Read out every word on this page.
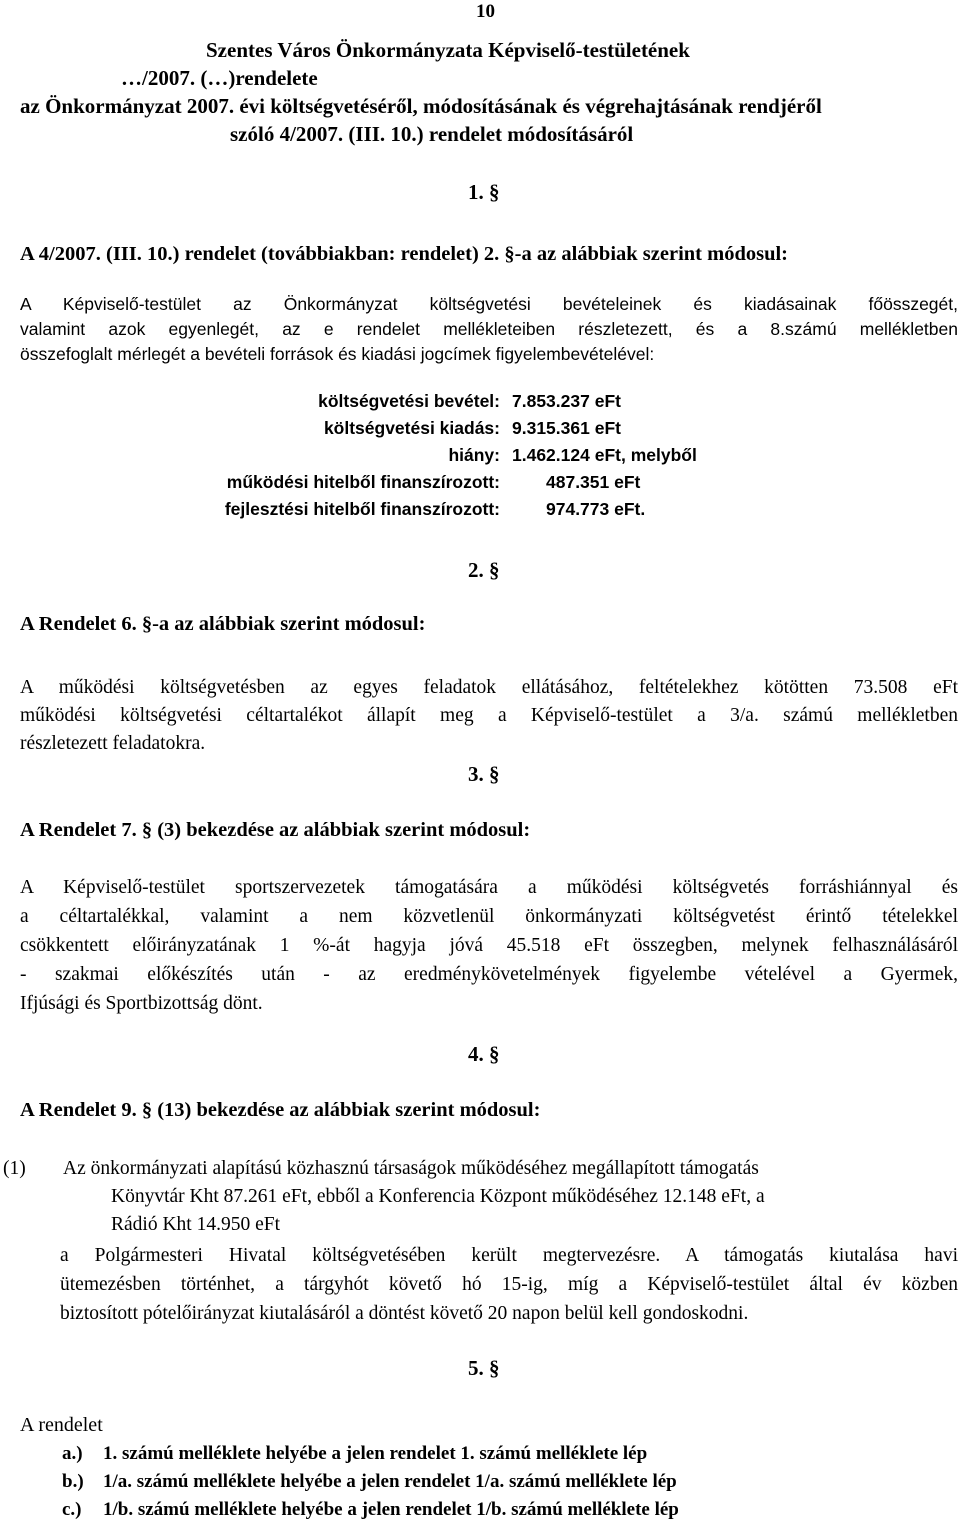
10
Szentes Város Önkormányzata Képviselő-testületének
…/2007. (…)rendelete
az Önkormányzat 2007. évi költségvetéséről, módosításának és végrehajtásának rendjéről
szóló 4/2007. (III. 10.) rendelet módosításáról
1. §
A 4/2007. (III. 10.) rendelet (továbbiakban: rendelet) 2. §-a az alábbiak szerint módosul:
A Képviselő-testület az Önkormányzat költségvetési bevételeinek és kiadásainak főösszegét,
valamint azok egyenlegét, az e rendelet mellékleteiben részletezett, és a 8.számú mellékletben
összefoglalt mérlegét a bevételi források és kiadási jogcímek figyelembevételével:
költségvetési bevétel: 7.853.237 eFt
költségvetési kiadás: 9.315.361 eFt
hiány: 1.462.124 eFt, melyből
működési hitelből finanszírozott:	487.351 eFt
fejlesztési hitelből finanszírozott:	974.773 eFt.
2. §
A Rendelet 6. §-a az alábbiak szerint módosul:
A működési költségvetésben az egyes feladatok ellátásához, feltételekhez kötötten 73.508 eFt
működési költségvetési céltartalékot állapít meg a Képviselő-testület a 3/a. számú mellékletben
részletezett feladatokra.
3. §
A Rendelet 7. § (3) bekezdése az alábbiak szerint módosul:
A Képviselő-testület sportszervezetek támogatására a működési költségvetés forráshiánnyal és
a céltartalékkal, valamint a nem közvetlenül önkormányzati költségvetést érintő tételekkel
csökkentett előirányzatának 1 %-át hagyja jóvá 45.518 eFt összegben, melynek felhasználásáról
- szakmai előkészítés után - az eredménykövetelmények figyelembe vételével a Gyermek,
Ifjúsági és Sportbizottság dönt.
4. §
A Rendelet 9. § (13) bekezdése az alábbiak szerint módosul:
(1) Az önkormányzati alapítású közhasznú társaságok működéséhez megállapított támogatás
Könyvtár Kht 87.261 eFt, ebből a Konferencia Központ működéséhez 12.148 eFt, a
Rádió Kht 14.950 eFt
a Polgármesteri Hivatal költségvetésében került megtervezésre. A támogatás kiutalása havi
ütemezésben történhet, a tárgyhót követő hó 15-ig, míg a Képviselő-testület által év közben
biztosított pótelőirányzat kiutalásáról a döntést követő 20 napon belül kell gondoskodni.
5. §
A rendelet
a.) 1. számú melléklete helyébe a jelen rendelet 1. számú melléklete lép
b.) 1/a. számú melléklete helyébe a jelen rendelet 1/a. számú melléklete lép
c.) 1/b. számú melléklete helyébe a jelen rendelet 1/b. számú melléklete lép
